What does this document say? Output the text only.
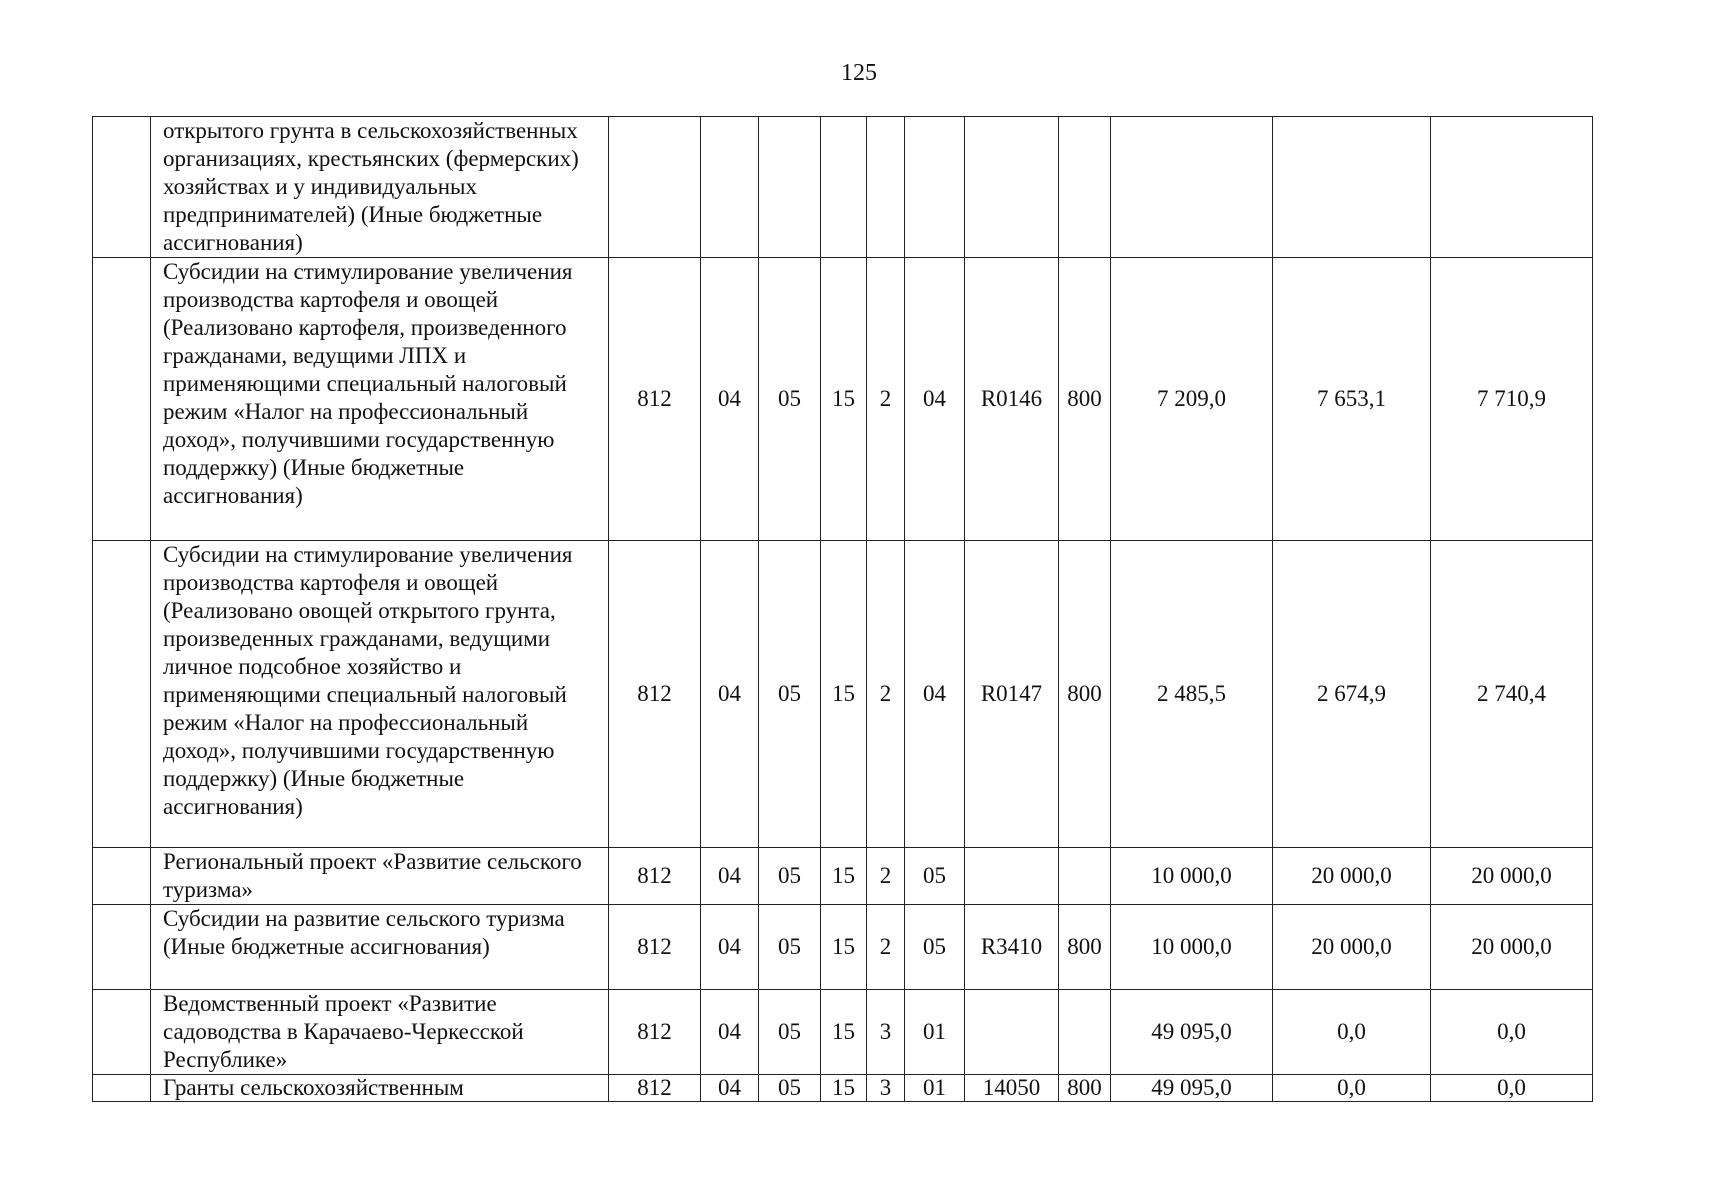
125
	открытого грунта в сельскохозяйственных организациях, крестьянских (фермерских) хозяйствах и у индивидуальных предпринимателей) (Иные бюджетные ассигнования)											
	Субсидии на стимулирование увеличения производства картофеля и овощей (Реализовано картофеля, произведенного гражданами, ведущими ЛПХ и применяющими специальный налоговый режим «Налог на профессиональный доход», получившими государственную поддержку) (Иные бюджетные ассигнования)	812	04	05	15	2	04	R0146	800	7 209,0	7 653,1	7 710,9
	Субсидии на стимулирование увеличения производства картофеля и овощей (Реализовано овощей открытого грунта, произведенных гражданами, ведущими личное подсобное хозяйство и применяющими специальный налоговый режим «Налог на профессиональный доход», получившими государственную поддержку) (Иные бюджетные ассигнования)	812	04	05	15	2	04	R0147	800	2 485,5	2 674,9	2 740,4
	Региональный проект «Развитие сельского туризма»	812	04	05	15	2	05			10 000,0	20 000,0	20 000,0
	Субсидии на развитие сельского туризма (Иные бюджетные ассигнования)	812	04	05	15	2	05	R3410	800	10 000,0	20 000,0	20 000,0
	Ведомственный проект «Развитие садоводства в Карачаево-Черкесской Республике»	812	04	05	15	3	01			49 095,0	0,0	0,0
	Гранты сельскохозяйственным	812	04	05	15	3	01	14050	800	49 095,0	0,0	0,0
